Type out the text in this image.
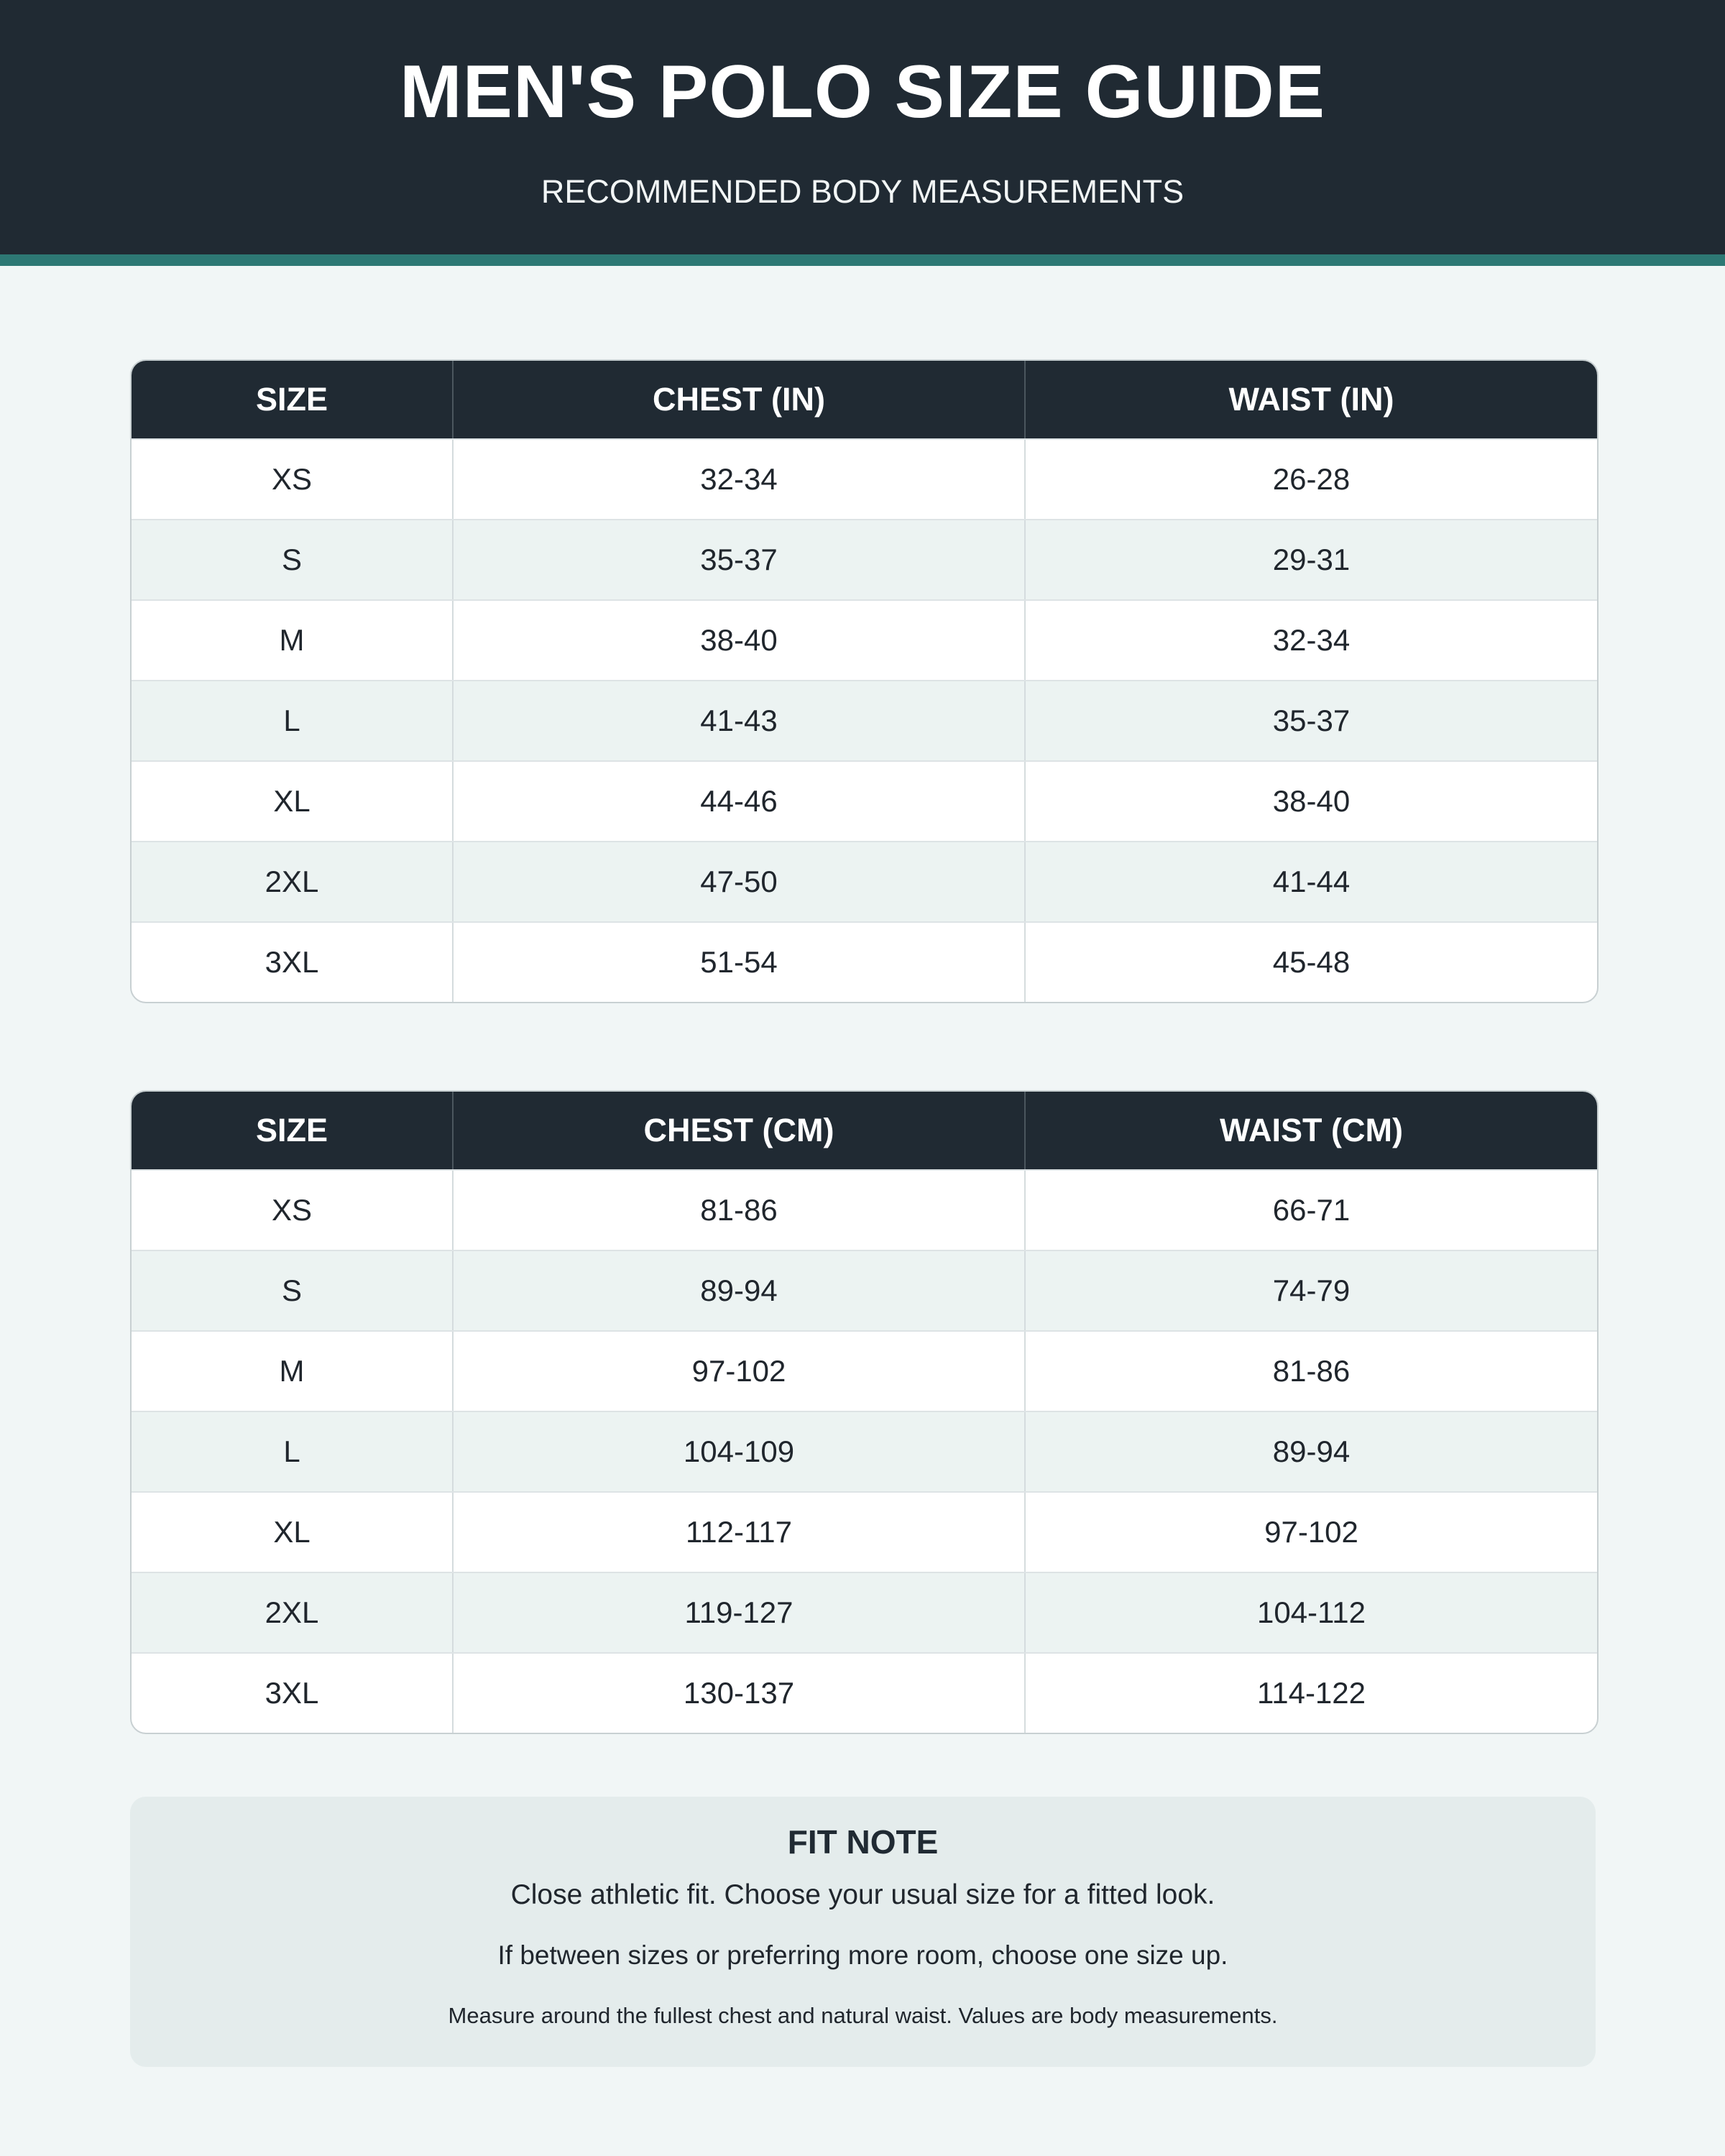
MEN'S POLO SIZE GUIDE
RECOMMENDED BODY MEASUREMENTS
SIZE	CHEST (IN)	WAIST (IN)
XS	32-34	26-28
S	35-37	29-31
M	38-40	32-34
L	41-43	35-37
XL	44-46	38-40
2XL	47-50	41-44
3XL	51-54	45-48
SIZE	CHEST (CM)	WAIST (CM)
XS	81-86	66-71
S	89-94	74-79
M	97-102	81-86
L	104-109	89-94
XL	112-117	97-102
2XL	119-127	104-112
3XL	130-137	114-122
FIT NOTE
Close athletic fit. Choose your usual size for a fitted look.
If between sizes or preferring more room, choose one size up.
Measure around the fullest chest and natural waist. Values are body measurements.
